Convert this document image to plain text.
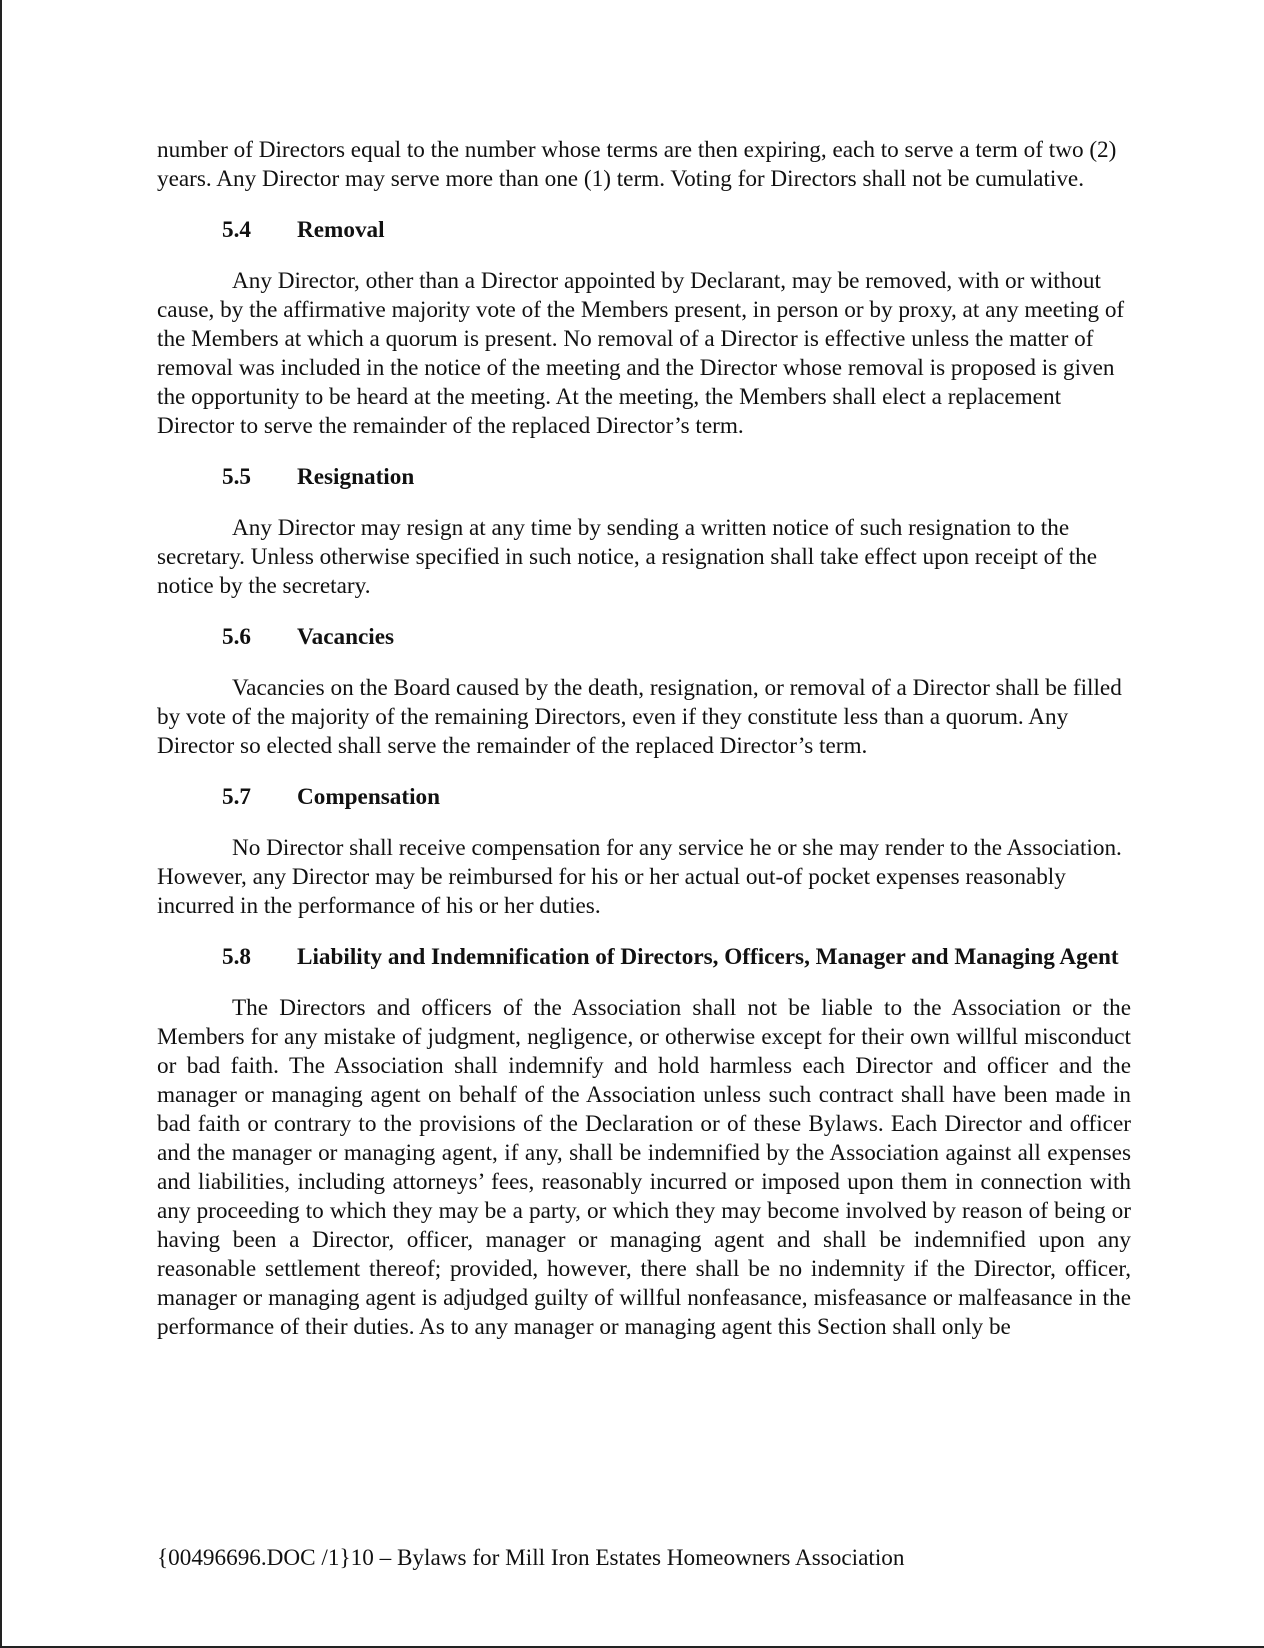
number of Directors equal to the number whose terms are then expiring, each to serve a term of two (2) years. Any Director may serve more than one (1) term. Voting for Directors shall not be cumulative.

5.4	Removal

Any Director, other than a Director appointed by Declarant, may be removed, with or without cause, by the affirmative majority vote of the Members present, in person or by proxy, at any meeting of the Members at which a quorum is present. No removal of a Director is effective unless the matter of removal was included in the notice of the meeting and the Director whose removal is proposed is given the opportunity to be heard at the meeting. At the meeting, the Members shall elect a replacement Director to serve the remainder of the replaced Director’s term.

5.5	Resignation

Any Director may resign at any time by sending a written notice of such resignation to the secretary. Unless otherwise specified in such notice, a resignation shall take effect upon receipt of the notice by the secretary.

5.6	Vacancies

Vacancies on the Board caused by the death, resignation, or removal of a Director shall be filled by vote of the majority of the remaining Directors, even if they constitute less than a quorum. Any Director so elected shall serve the remainder of the replaced Director’s term.

5.7	Compensation

No Director shall receive compensation for any service he or she may render to the Association. However, any Director may be reimbursed for his or her actual out-of pocket expenses reasonably incurred in the performance of his or her duties.

5.8	Liability and Indemnification of Directors, Officers, Manager and Managing Agent

The Directors and officers of the Association shall not be liable to the Association or the Members for any mistake of judgment, negligence, or otherwise except for their own willful misconduct or bad faith. The Association shall indemnify and hold harmless each Director and officer and the manager or managing agent on behalf of the Association unless such contract shall have been made in bad faith or contrary to the provisions of the Declaration or of these Bylaws. Each Director and officer and the manager or managing agent, if any, shall be indemnified by the Association against all expenses and liabilities, including attorneys’ fees, reasonably incurred or imposed upon them in connection with any proceeding to which they may be a party, or which they may become involved by reason of being or having been a Director, officer, manager or managing agent and shall be indemnified upon any reasonable settlement thereof; provided, however, there shall be no indemnity if the Director, officer, manager or managing agent is adjudged guilty of willful nonfeasance, misfeasance or malfeasance in the performance of their duties. As to any manager or managing agent this Section shall only be

{00496696.DOC /1}10 – Bylaws for Mill Iron Estates Homeowners Association
